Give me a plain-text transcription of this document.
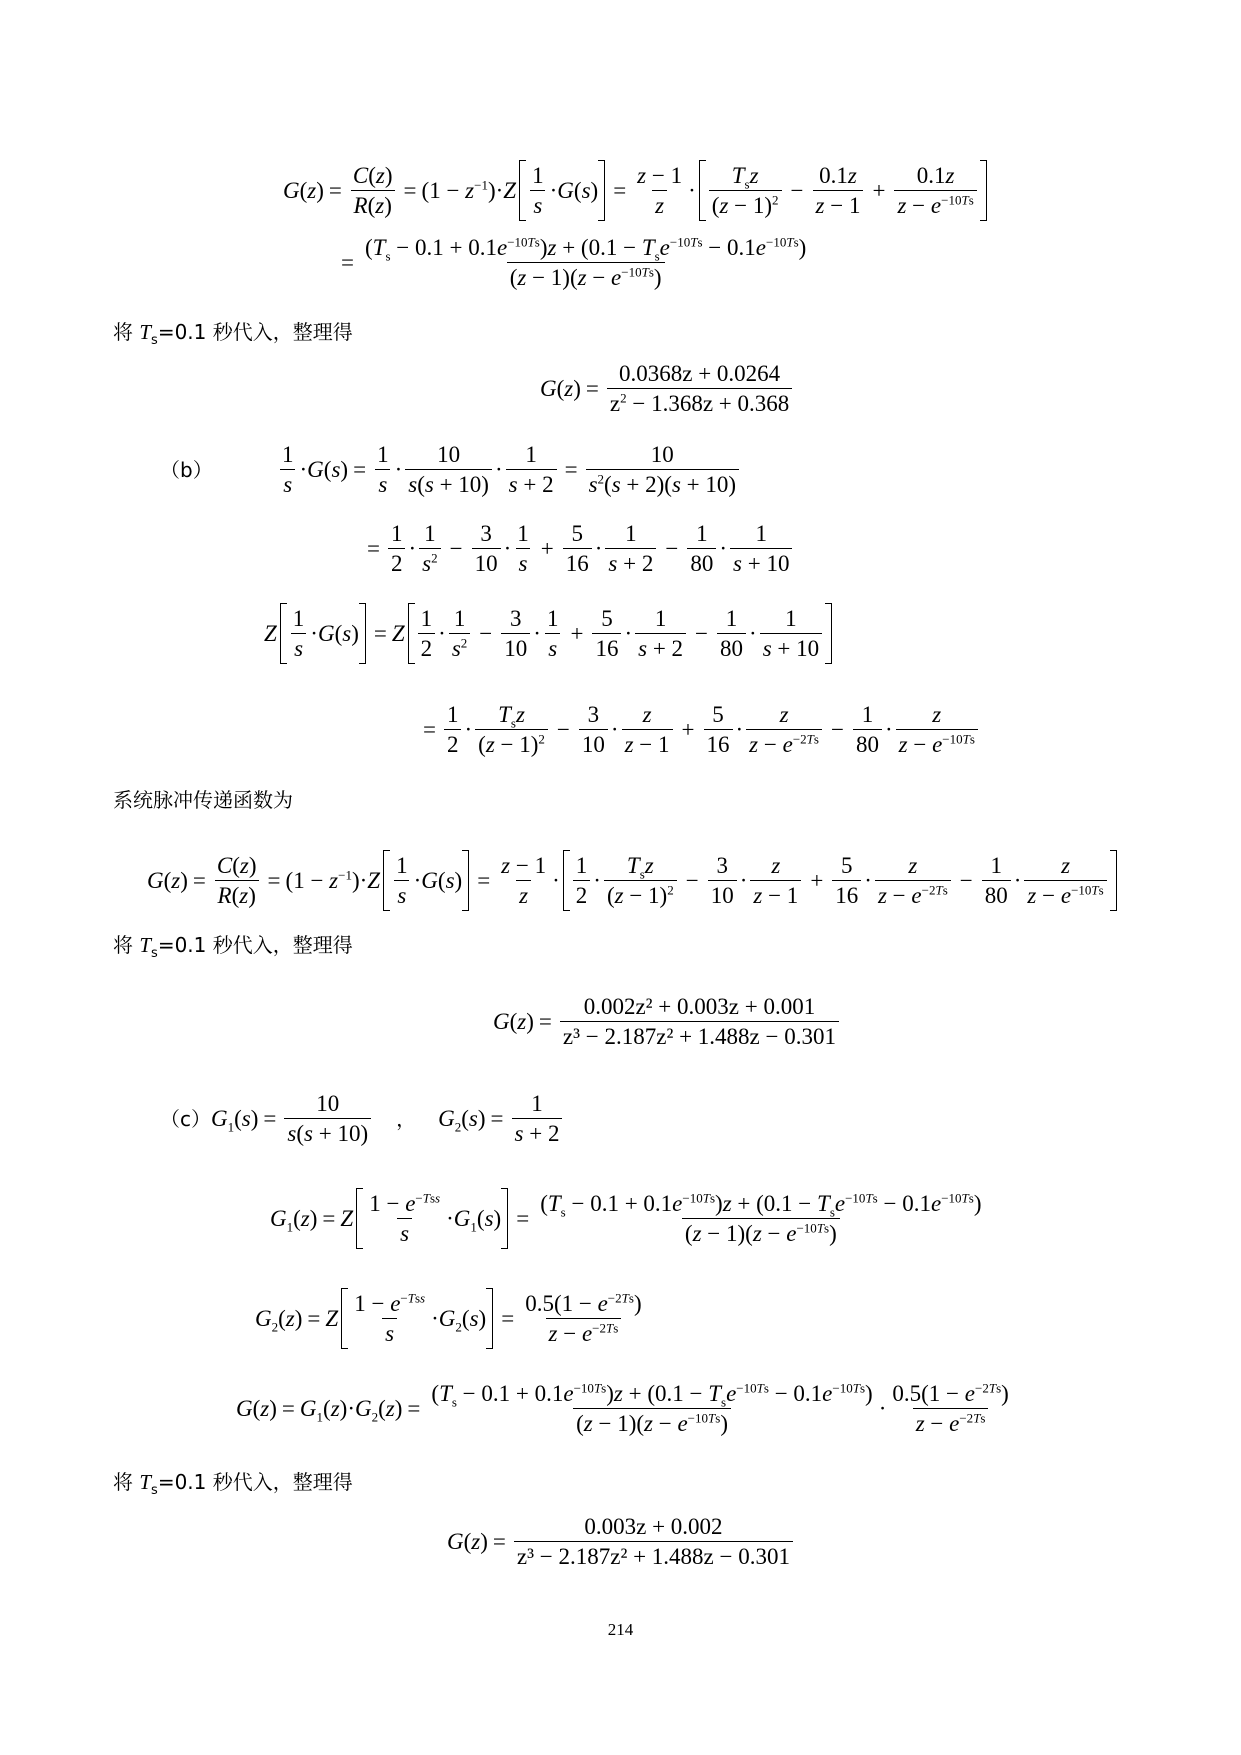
$G(z) = \frac{C(z)}{R(z)} = (1 - z^{-1})\cdot Z$
1
s
$\cdot G(s) = \frac{z - 1}{z}$ ·
$T_sz$
$(z - 1)^2 - \frac{0.1z}{z - 1} + \frac{0.1z}{z - e^{-10Ts}}$
=
$(T_s - 0.1 + 0.1e^{-10Ts})z + (0.1 - T_se^{-10Ts} - 0.1e^{-10Ts})$
$(z - 1)(z - e^{-10Ts})$
将 $T_s=0.1$ 秒代入，整理得
$G(z) = \frac{0.0368z + 0.0264}{z^2 - 1.368z + 0.368}$
（b）
1
s
$\cdot G(s) = \frac{1}{s}$ ·
10
s(s + 10)
· $\frac{1}{s + 2} = \frac{10}{s^2(s + 2)(s + 10)}$
= $\frac{1}{2}$ ·
1
$s^2 - \frac{3}{10}$ ·
1
s
+ $\frac{5}{16}$ ·
1
s + 2
− $\frac{1}{80}$ ·
1
s + 10
Z
1
s
·G(s) = Z
1
2
·
1
$s^2 - \frac{3}{10}$ ·
1
s
+ $\frac{5}{16}$ ·
1
s + 2
− $\frac{1}{80}$ ·
1
s + 10
= $\frac{1}{2}$ ·
$T_sz$
$(z - 1)^2 - \frac{3}{10}$ ·
z
z − 1
+ $\frac{5}{16}$ ·
z
$z - e^{-2Ts} - \frac{1}{80}$ ·
z
$z - e^{-10Ts}$
系统脉冲传递函数为
$G(z) = \frac{C(z)}{R(z)} = (1 - z^{-1})\cdot Z$
1
s
$\cdot G(s) = \frac{z - 1}{z}$ ·
1
2
·
$T_sz$
$(z - 1)^2 - \frac{3}{10}$ ·
z
z − 1
+ $\frac{5}{16}$ ·
z
$z - e^{-2Ts} - \frac{1}{80}$ ·
z
$z - e^{-10Ts}$
将 $T_s=0.1$ 秒代入，整理得
$G(z) = \frac{\text{0.002z² + 0.003z + 0.001}}{\text{z³ − 2.187z² + 1.488z − 0.301}}$
（c） $G_1(s) = \frac{10}{s(s + 10)}$ ， $G_2(s) = \frac{1}{s + 2}$
$G_1(z) = Z$
$1 - e^{-Tss}$
s
$\cdot G_1(s)$ =
$(T_s - 0.1 + 0.1e^{-10Ts})z + (0.1 - T_se^{-10Ts} - 0.1e^{-10Ts})$
$(z - 1)(z - e^{-10Ts})$
$G_2(z) = Z$
$1 - e^{-Tss}$
s
$\cdot G_2(s) = \frac{0.5(1 - e^{-2Ts})}{z - e^{-2Ts}}$
$G(z) = G_1(z)\cdot G_2(z)$ =
$(T_s - 0.1 + 0.1e^{-10Ts})z + (0.1 - T_se^{-10Ts} - 0.1e^{-10Ts})$
$(z - 1)(z - e^{-10Ts})$
·
$0.5(1 - e^{-2Ts})$
$z - e^{-2Ts}$
将 $T_s=0.1$ 秒代入，整理得
$G(z) = \frac{0.003z + 0.002}{\text{z³ − 2.187z² + 1.488z − 0.301}}$
214
